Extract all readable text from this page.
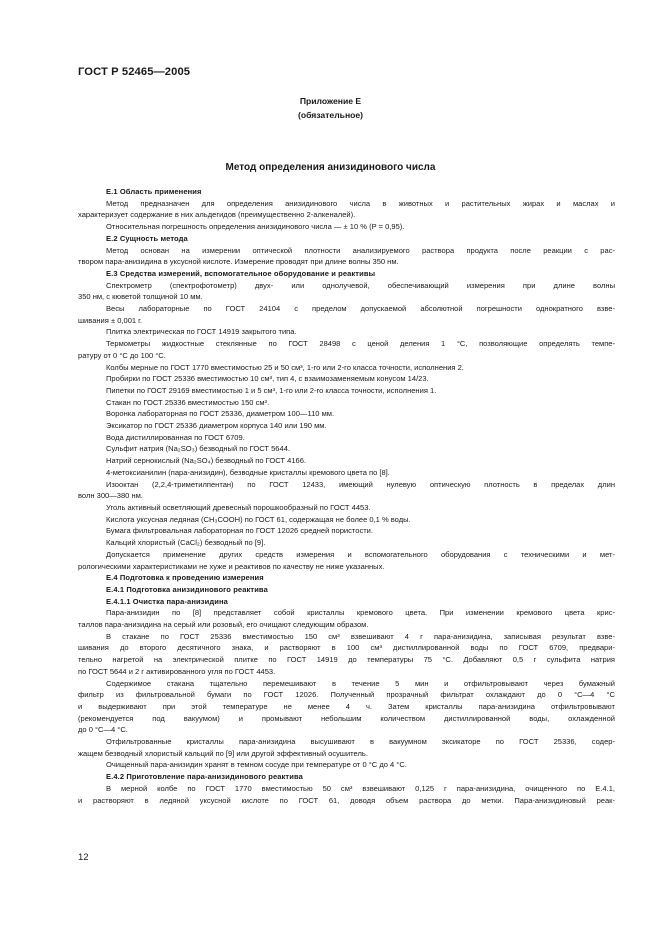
ГОСТ Р 52465—2005
Приложение Е
(обязательное)
Метод определения анизидинового числа

Е.1 Область применения

Метод предназначен для определения анизидинового числа в животных и растительных жирах и маслах и

характеризует содержание в них альдегидов (преимущественно 2-алкеналей).

Относительная погрешность определения анизидинового числа — ± 10 % (P = 0,95).

Е.2 Сущность метода

Метод основан на измерении оптической плотности анализируемого раствора продукта после реакции с рас-

твором пара-анизидина в уксусной кислоте. Измерение проводят при длине волны 350 нм.

Е.3 Средства измерений, вспомогательное оборудование и реактивы

Спектрометр (спектрофотометр) двух- или однолучевой, обеспечивающий измерения при длине волны

350 нм, с кюветой толщиной 10 мм.

Весы лабораторные по ГОСТ 24104 с пределом допускаемой абсолютной погрешности однократного взве-

шивания ± 0,001 г.

Плитка электрическая по ГОСТ 14919 закрытого типа.

Термометры жидкостные стеклянные по ГОСТ 28498 с ценой деления 1 °С, позволяющие определять темпе-

ратуру от 0 °С до 100 °С.

Колбы мерные по ГОСТ 1770 вместимостью 25 и 50 см³, 1-го или 2-го класса точности, исполнения 2.

Пробирки по ГОСТ 25336 вместимостью 10 см³, тип 4, с взаимозаменяемым конусом 14/23.

Пипетки по ГОСТ 29169 вместимостью 1 и 5 см³, 1-го или 2-го класса точности, исполнения 1.

Стакан по ГОСТ 25336 вместимостью 150 см³.

Воронка лабораторная по ГОСТ 25336, диаметром 100—110 мм.

Эксикатор по ГОСТ 25336 диаметром корпуса 140 или 190 мм.

Вода дистиллированная по ГОСТ 6709.

Сульфит натрия (Na₂SO₃) безводный по ГОСТ 5644.

Натрий сернокислый (Na₂SO₄) безводный по ГОСТ 4166.

4-метоксианилин (пара-анизидин), безводные кристаллы кремового цвета по [8].

Изооктан (2,2,4-триметилпентан) по ГОСТ 12433, имеющий нулевую оптическую плотность в пределах длин

волн 300—380 нм.

Уголь активный осветляющий древесный порошкообразный по ГОСТ 4453.

Кислота уксусная ледяная (CH₃COOH) по ГОСТ 61, содержащая не более 0,1 % воды.

Бумага фильтровальная лабораторная по ГОСТ 12026 средней пористости.

Кальций хлористый (CaCl₂) безводный по [9].

Допускается применение других средств измерения и вспомогательного оборудования с техническими и мет-

рологическими характеристиками не хуже и реактивов по качеству не ниже указанных.

Е.4 Подготовка к проведению измерения

Е.4.1 Подготовка анизидинового реактива

Е.4.1.1 Очистка пара-анизидина

Пара-анизидин по [8] представляет собой кристаллы кремового цвета. При изменении кремового цвета крис-

таллов пара-анизидина на серый или розовый, его очищают следующим образом.

В стакане по ГОСТ 25336 вместимостью 150 см³ взвешивают 4 г пара-анизидина, записывая результат взве-

шивания до второго десятичного знака, и растворяют в 100 см³ дистиллированной воды по ГОСТ 6709, предвари-

тельно нагретой на электрической плитке по ГОСТ 14919 до температуры 75 °С. Добавляют 0,5 г сульфита натрия

по ГОСТ 5644 и 2 г активированного угля по ГОСТ 4453.

Содержимое стакана тщательно перемешивают в течение 5 мин и отфильтровывают через бумажный

фильтр из фильтровальной бумаги по ГОСТ 12026. Полученный прозрачный фильтрат охлаждают до 0 °С—4 °С

и выдерживают при этой температуре не менее 4 ч. Затем кристаллы пара-анизидина отфильтровывают

(рекомендуется под вакуумом) и промывают небольшим количеством дистиллированной воды, охлажденной

до 0 °С—4 °С.

Отфильтрованные кристаллы пара-анизидина высушивают в вакуумном эксикаторе по ГОСТ 25336, содер-

жащем безводный хлористый кальций по [9] или другой эффективный осушитель.

Очищенный пара-анизидин хранят в темном сосуде при температуре от 0 °С до 4 °С.

Е.4.2 Приготовление пара-анизидинового реактива

В мерной колбе по ГОСТ 1770 вместимостью 50 см³ взвешивают 0,125 г пара-анизидина, очищенного по Е.4.1,

и растворяют в ледяной уксусной кислоте по ГОСТ 61, доводя объем раствора до метки. Пара-анизидиновый реак-

12
